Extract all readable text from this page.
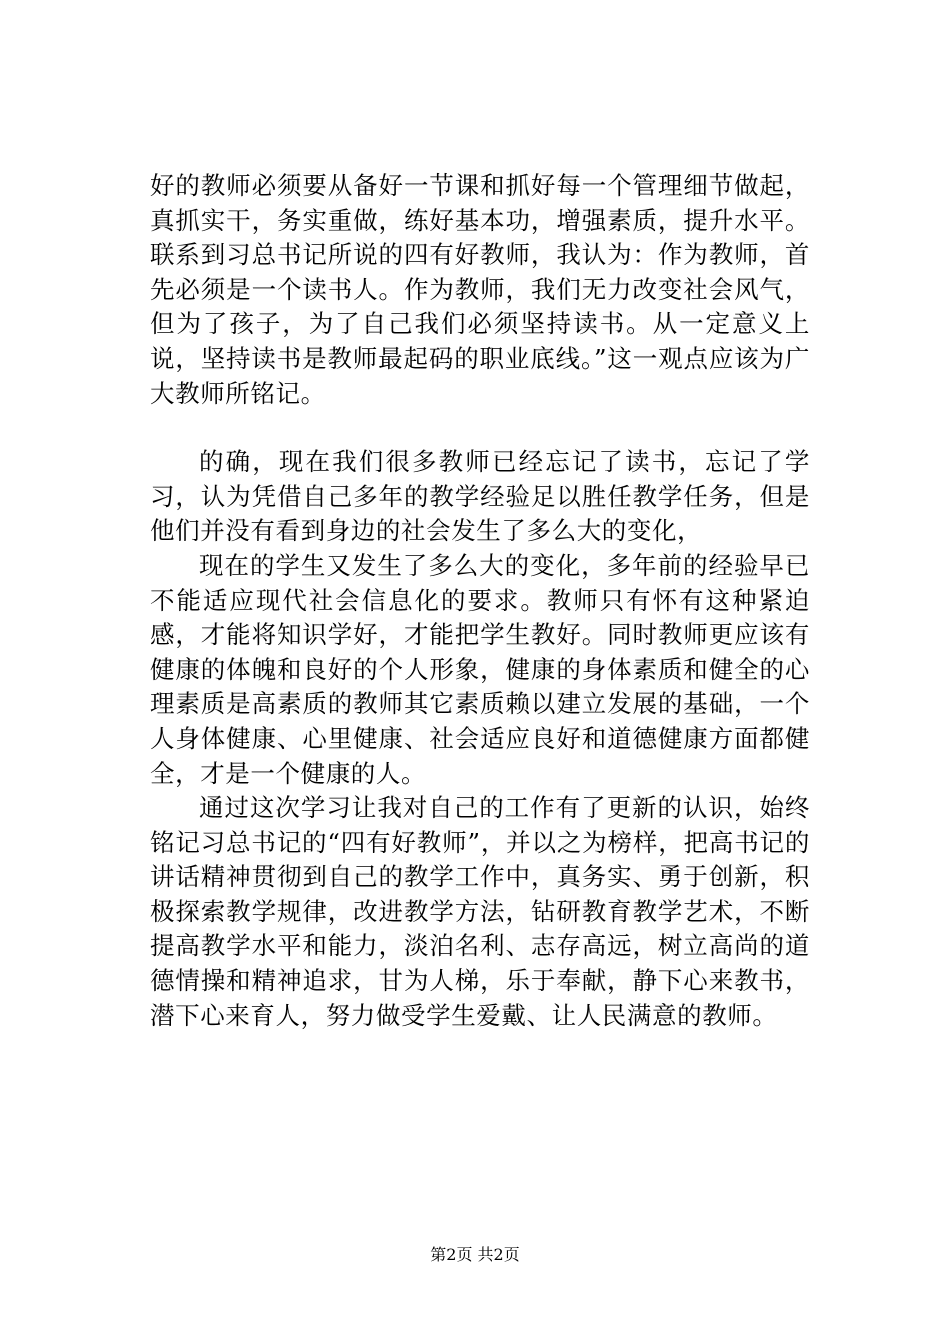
好的教师必须要从备好一节课和抓好每一个管理细节做起，真抓实干，务实重做，练好基本功，增强素质，提升水平。联系到习总书记所说的四有好教师，我认为：作为教师，首先必须是一个读书人。作为教师，我们无力改变社会风气，但为了孩子，为了自己我们必须坚持读书。从一定意义上说，坚持读书是教师最起码的职业底线。”这一观点应该为广大教师所铭记。

的确，现在我们很多教师已经忘记了读书，忘记了学习，认为凭借自己多年的教学经验足以胜任教学任务，但是他们并没有看到身边的社会发生了多么大的变化，

现在的学生又发生了多么大的变化，多年前的经验早已不能适应现代社会信息化的要求。教师只有怀有这种紧迫感，才能将知识学好，才能把学生教好。同时教师更应该有健康的体魄和良好的个人形象，健康的身体素质和健全的心理素质是高素质的教师其它素质赖以建立发展的基础，一个人身体健康、心里健康、社会适应良好和道德健康方面都健全，才是一个健康的人。

通过这次学习让我对自己的工作有了更新的认识，始终铭记习总书记的“四有好教师”，并以之为榜样，把高书记的讲话精神贯彻到自己的教学工作中，真务实、勇于创新，积极探索教学规律，改进教学方法，钻研教育教学艺术，不断提高教学水平和能力，淡泊名利、志存高远，树立高尚的道德情操和精神追求，甘为人梯，乐于奉献，静下心来教书，潜下心来育人，努力做受学生爱戴、让人民满意的教师。

第2页 共2页
